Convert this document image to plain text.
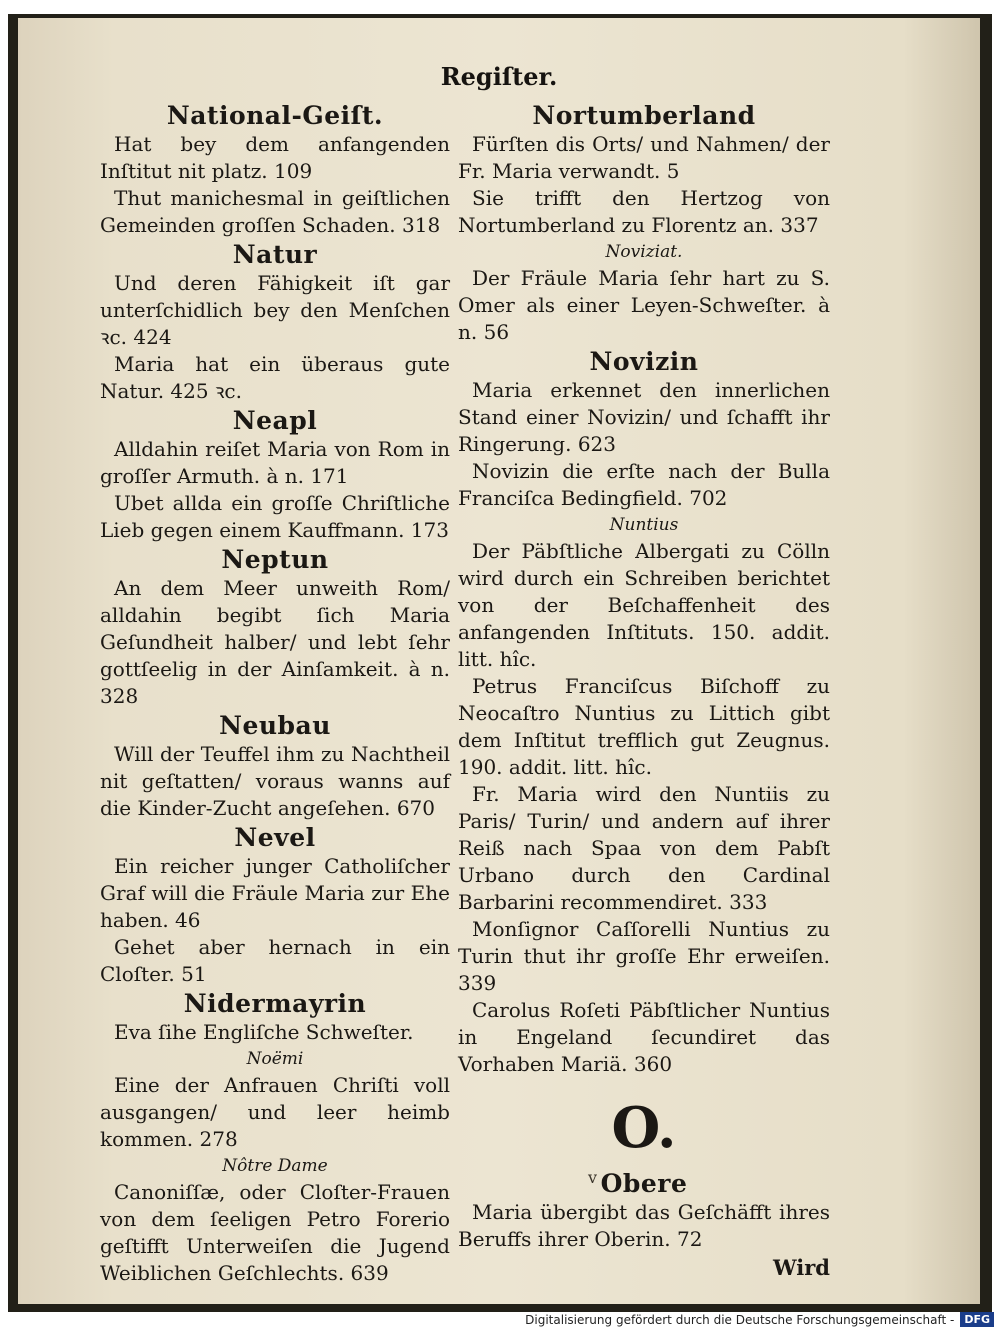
Regiſter.
National-Geiſt.
Hat bey dem anfangenden Inſtitut nit platz. 109
Thut manichesmal in geiſtlichen Gemeinden groſſen Schaden. 318
Natur
Und deren Fähigkeit iſt gar unterſchidlich bey den Menſchen ꝛc. 424
Maria hat ein überaus gute Natur. 425 ꝛc.
Neapl
Alldahin reiſet Maria von Rom in groſſer Armuth. à n. 171
Ubet allda ein groſſe Chriſtliche Lieb gegen einem Kauffmann. 173
Neptun
An dem Meer unweith Rom/ alldahin begibt ſich Maria Geſundheit halber/ und lebt ſehr gottſeelig in der Ainſamkeit. à n. 328
Neubau
Will der Teuffel ihm zu Nachtheil nit geſtatten/ voraus wanns auf die Kinder-Zucht angeſehen. 670
Nevel
Ein reicher junger Catholiſcher Graf will die Fräule Maria zur Ehe haben. 46
Gehet aber hernach in ein Cloſter. 51
Nidermayrin
Eva ſihe Engliſche Schweſter.
Noëmi
Eine der Anfrauen Chriſti voll ausgangen/ und leer heimb kommen. 278
Nôtre Dame
Canoniſſæ, oder Cloſter-Frauen von dem ſeeligen Petro Forerio geſtifft Unterweiſen die Jugend Weiblichen Geſchlechts. 639
Nortumberland
Fürſten dis Orts/ und Nahmen/ der Fr. Maria verwandt. 5
Sie trifft den Hertzog von Nortumberland zu Florentz an. 337
Noviziat.
Der Fräule Maria ſehr hart zu S. Omer als einer Leyen-Schweſter. à n. 56
Novizin
Maria erkennet den innerlichen Stand einer Novizin/ und ſchafft ihr Ringerung. 623
Novizin die erſte nach der Bulla Franciſca Bedingfield. 702
Nuntius
Der Päbſtliche Albergati zu Cölln wird durch ein Schreiben berichtet von der Beſchaffenheit des anfangenden Inſtituts. 150. addit. litt. hîc.
Petrus Franciſcus Biſchoff zu Neocaſtro Nuntius zu Littich gibt dem Inſtitut trefflich gut Zeugnus. 190. addit. litt. hîc.
Fr. Maria wird den Nuntiis zu Paris/ Turin/ und andern auf ihrer Reiß nach Spaa von dem Pabſt Urbano durch den Cardinal Barbarini recommendiret. 333
Monſignor Caſſorelli Nuntius zu Turin thut ihr groſſe Ehr erweiſen. 339
Carolus Roſeti Päbſtlicher Nuntius in Engeland ſecundiret das Vorhaben Mariä. 360
O.
Obere
Maria übergibt das Geſchäfft ihres Beruffs ihrer Oberin. 72
Wird
v
Digitalisierung gefördert durch die Deutsche Forschungsgemeinschaft - DFG
